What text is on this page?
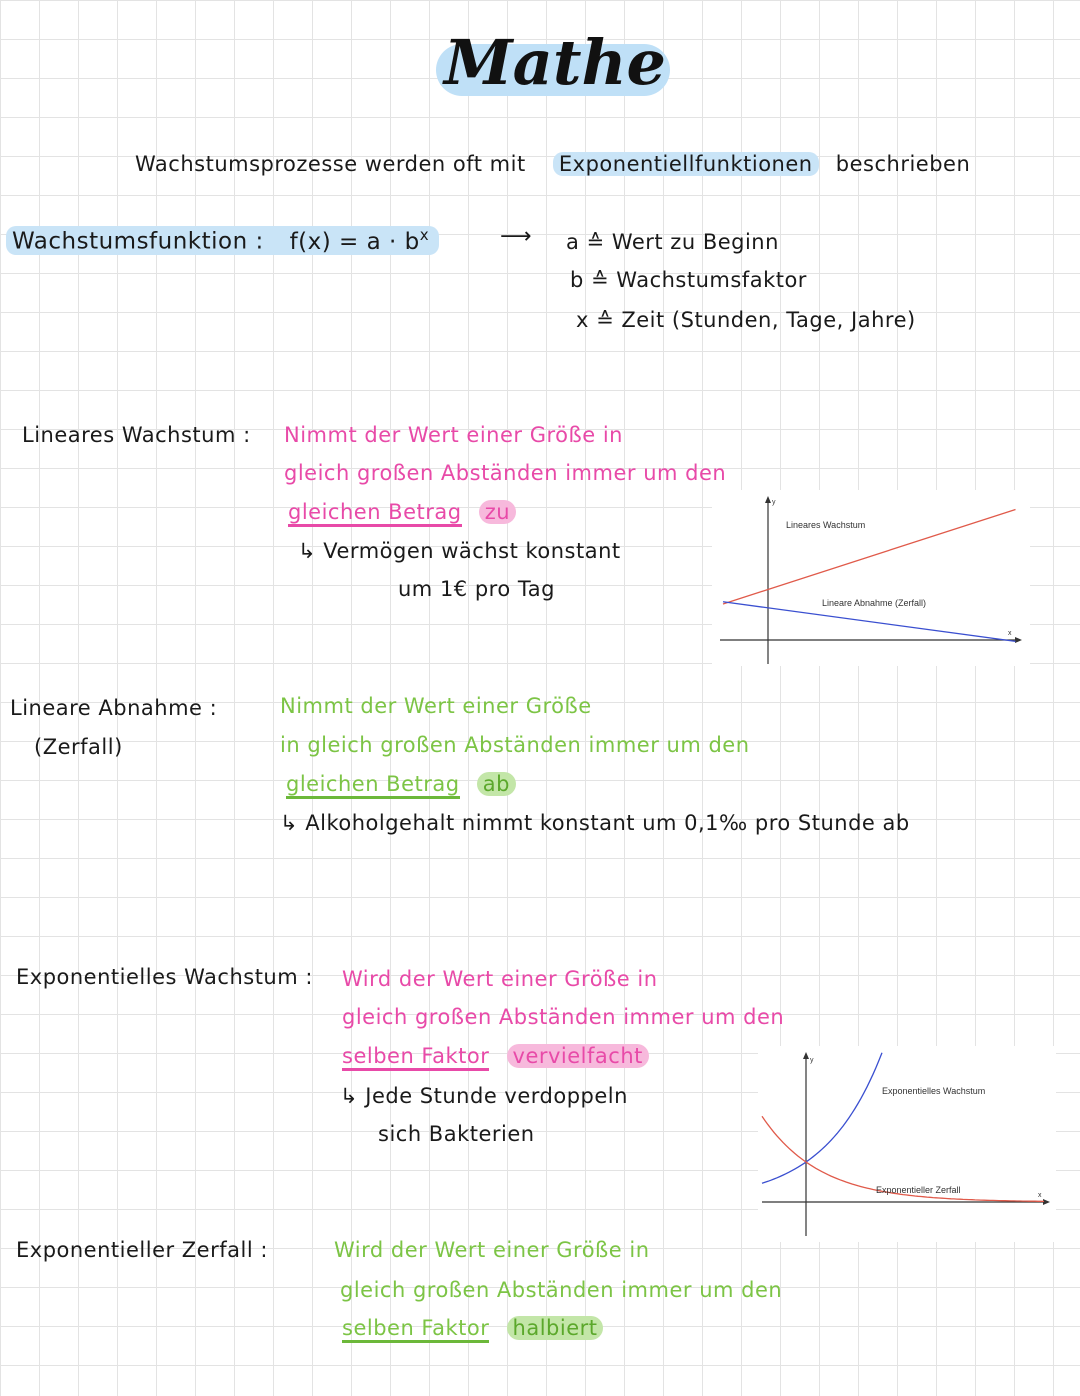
Mathe
Wachstumsprozesse werden oft mit Exponentiellfunktionen beschrieben
Wachstumsfunktion : $f(x) = a \cdot b^x$	⟶ a ≙ Wert zu Beginn
b ≙ Wachstumsfaktor
x ≙ Zeit (Stunden, Tage, Jahre)
Lineares Wachstum : Nimmt der Wert einer Größe in
gleich großen Abständen immer um den
gleichen Betrag zu
↳ Vermögen wächst konstant
um 1€ pro Tag
y
x
Lineares Wachstum
Lineare Abnahme (Zerfall)
Lineare Abnahme :
(Zerfall)
Nimmt der Wert einer Größe
in gleich großen Abständen immer um den
gleichen Betrag ab
↳ Alkoholgehalt nimmt konstant um 0,1‰ pro Stunde ab
Exponentielles Wachstum : Wird der Wert einer Größe in
gleich großen Abständen immer um den
selben Faktor vervielfacht
↳ Jede Stunde verdoppeln
sich Bakterien
y
x
Exponentielles Wachstum
Exponentieller Zerfall
Exponentieller Zerfall :	Wird der Wert einer Größe in
gleich großen Abständen immer um den
selben Faktor halbiert
